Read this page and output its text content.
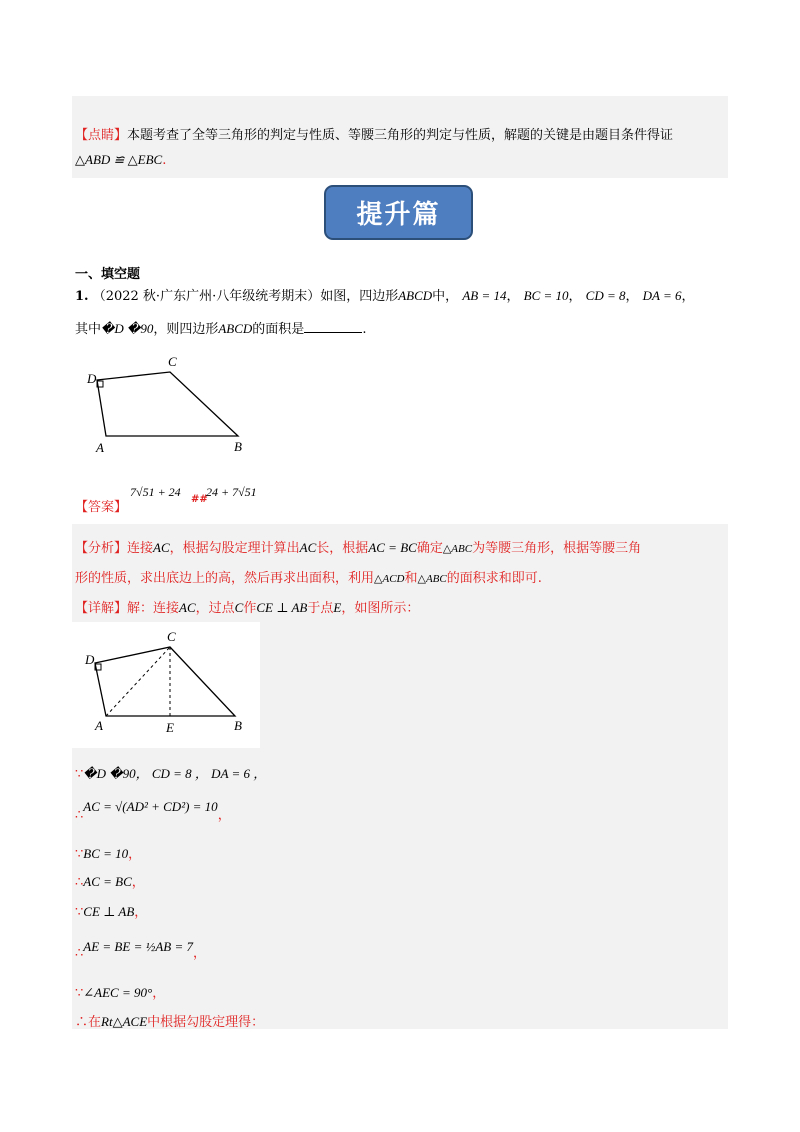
【点睛】本题考查了全等三角形的判定与性质、等腰三角形的判定与性质，解题的关键是由题目条件得证
△ABD ≌ △EBC.
提升篇
一、填空题
1. （2022 秋·广东广州·八年级统考期末）如图，四边形ABCD中， AB = 14， BC = 10， CD = 8， DA = 6，
其中�D �90，则四边形ABCD的面积是	.
D
C
A	B
【答案】
7√51 + 24
##
24 + 7√51
【分析】连接AC，根据勾股定理计算出AC长，根据AC = BC确定△ABC为等腰三角形，根据等腰三角
形的性质，求出底边上的高，然后再求出面积，利用△ACD和△ABC的面积求和即可.
【详解】解：连接AC，过点C作CE ⊥ AB于点E，如图所示：
D
C
A	E	B
∵�D �90， CD = 8 ， DA = 6 ，
∴AC = √(AD² + CD²) = 10，
∵BC = 10，
∴AC = BC，
∵CE ⊥ AB，
∴AE = BE = ½AB = 7，
∵∠AEC = 90°，
∴在Rt△ACE中根据勾股定理得：
